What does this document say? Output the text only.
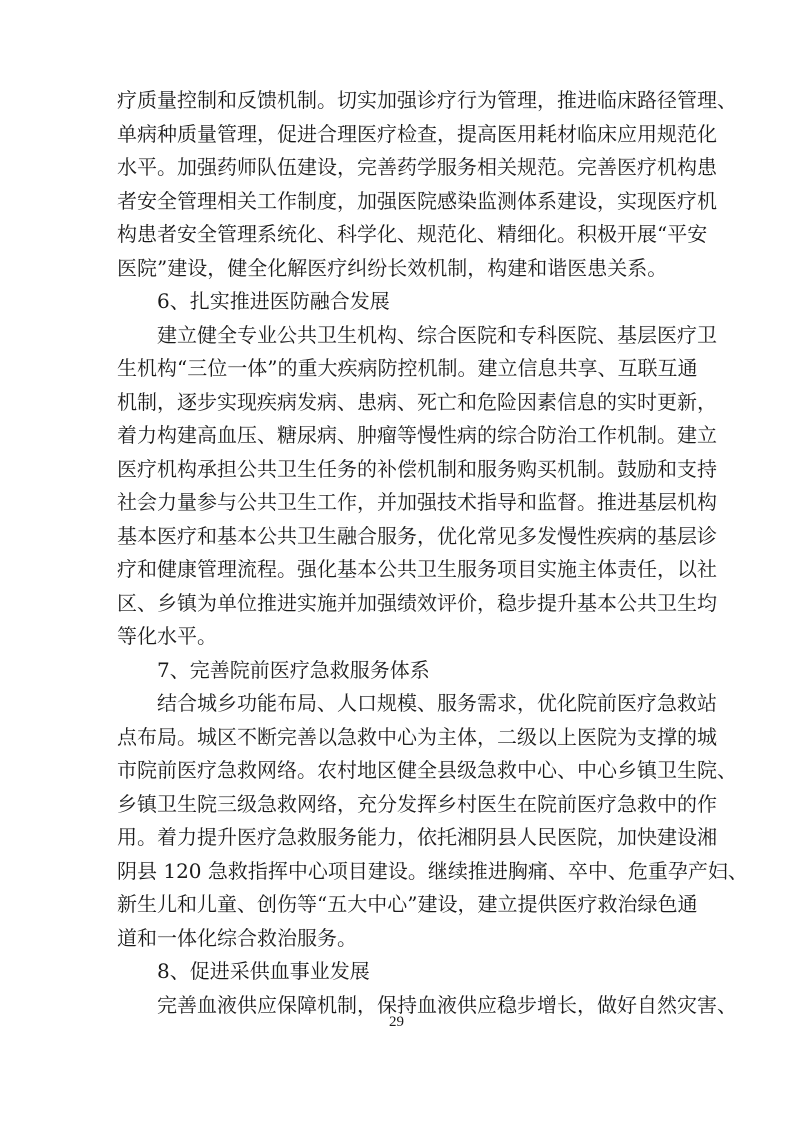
疗质量控制和反馈机制。切实加强诊疗行为管理，推进临床路径管理、
单病种质量管理，促进合理医疗检查，提高医用耗材临床应用规范化
水平。加强药师队伍建设，完善药学服务相关规范。完善医疗机构患
者安全管理相关工作制度，加强医院感染监测体系建设，实现医疗机
构患者安全管理系统化、科学化、规范化、精细化。积极开展“平安
医院”建设，健全化解医疗纠纷长效机制，构建和谐医患关系。
6、扎实推进医防融合发展
建立健全专业公共卫生机构、综合医院和专科医院、基层医疗卫
生机构“三位一体”的重大疾病防控机制。建立信息共享、互联互通
机制，逐步实现疾病发病、患病、死亡和危险因素信息的实时更新，
着力构建高血压、糖尿病、肿瘤等慢性病的综合防治工作机制。建立
医疗机构承担公共卫生任务的补偿机制和服务购买机制。鼓励和支持
社会力量参与公共卫生工作，并加强技术指导和监督。推进基层机构
基本医疗和基本公共卫生融合服务，优化常见多发慢性疾病的基层诊
疗和健康管理流程。强化基本公共卫生服务项目实施主体责任，以社
区、乡镇为单位推进实施并加强绩效评价，稳步提升基本公共卫生均
等化水平。
7、完善院前医疗急救服务体系
结合城乡功能布局、人口规模、服务需求，优化院前医疗急救站
点布局。城区不断完善以急救中心为主体，二级以上医院为支撑的城
市院前医疗急救网络。农村地区健全县级急救中心、中心乡镇卫生院、
乡镇卫生院三级急救网络，充分发挥乡村医生在院前医疗急救中的作
用。着力提升医疗急救服务能力，依托湘阴县人民医院，加快建设湘
阴县 120 急救指挥中心项目建设。继续推进胸痛、卒中、危重孕产妇、
新生儿和儿童、创伤等“五大中心”建设，建立提供医疗救治绿色通
道和一体化综合救治服务。
8、促进采供血事业发展
完善血液供应保障机制，保持血液供应稳步增长，做好自然灾害、
29
